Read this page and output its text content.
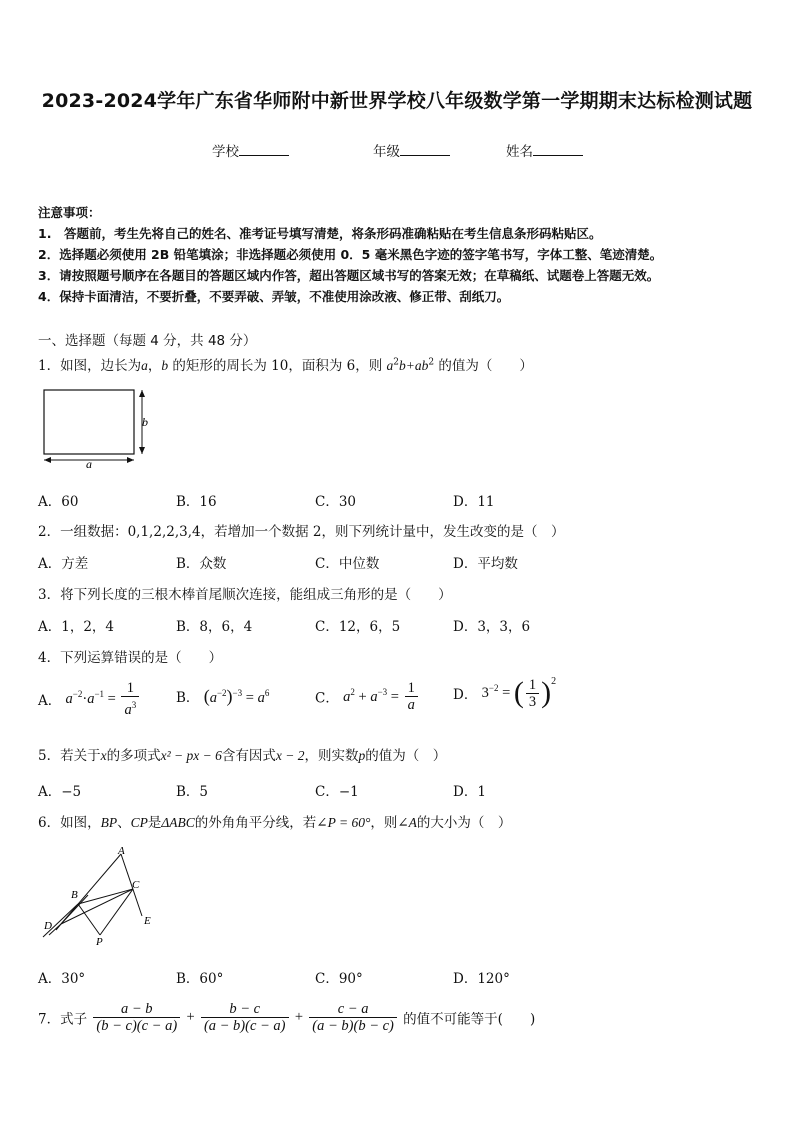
2023-2024学年广东省华师附中新世界学校八年级数学第一学期期末达标检测试题
学校	年级	姓名
注意事项：
1.　答题前，考生先将自己的姓名、准考证号填写清楚，将条形码准确粘贴在考生信息条形码粘贴区。
2．选择题必须使用 2B 铅笔填涂；非选择题必须使用 0．5 毫米黑色字迹的签字笔书写，字体工整、笔迹清楚。
3．请按照题号顺序在各题目的答题区域内作答，超出答题区域书写的答案无效；在草稿纸、试题卷上答题无效。
4．保持卡面清洁，不要折叠，不要弄破、弄皱，不准使用涂改液、修正带、刮纸刀。
一、选择题（每题 4 分，共 48 分）
1．如图，边长为a，b 的矩形的周长为 10，面积为 6，则 $a^2b+ab^2$ 的值为（　　）
b
a
A．60	B．16	C．30	D．11
2．一组数据：0,1,2,2,3,4，若增加一个数据 2，则下列统计量中，发生改变的是（　）
A．方差	B．众数	C．中位数	D．平均数
3．将下列长度的三根木棒首尾顺次连接，能组成三角形的是（　　）
A．1，2，4	B．8，6，4	C．12，6，5	D．3，3，6
4．下列运算错误的是（　　）
A． $a^{-2}\cdot a^{-1} = \frac{1}{a^3}$	B． $(a^{-2})^{-3} = a^6$	C． $a^2 + a^{-3} = \frac{1}{a}$	D． $3^{-2}$ = ( $\frac{1}{3} )^2$
5．若关于x的多项式x² − px − 6含有因式x − 2，则实数p的值为（　）
A．−5	B．5	C．−1	D．1
6．如图，BP、CP是ΔABC的外角角平分线，若∠P = 60°，则∠A的大小为（　）
A
B
C
D	E
P
A．30°	B．60°	C．90°	D．120°
7．式子 $\frac{a - b}{(b - c)(c - a)} + \frac{b - c}{(a - b)(c - a)} + \frac{c - a}{(a - b)(b - c)}$ 的值不可能等于(　　)
